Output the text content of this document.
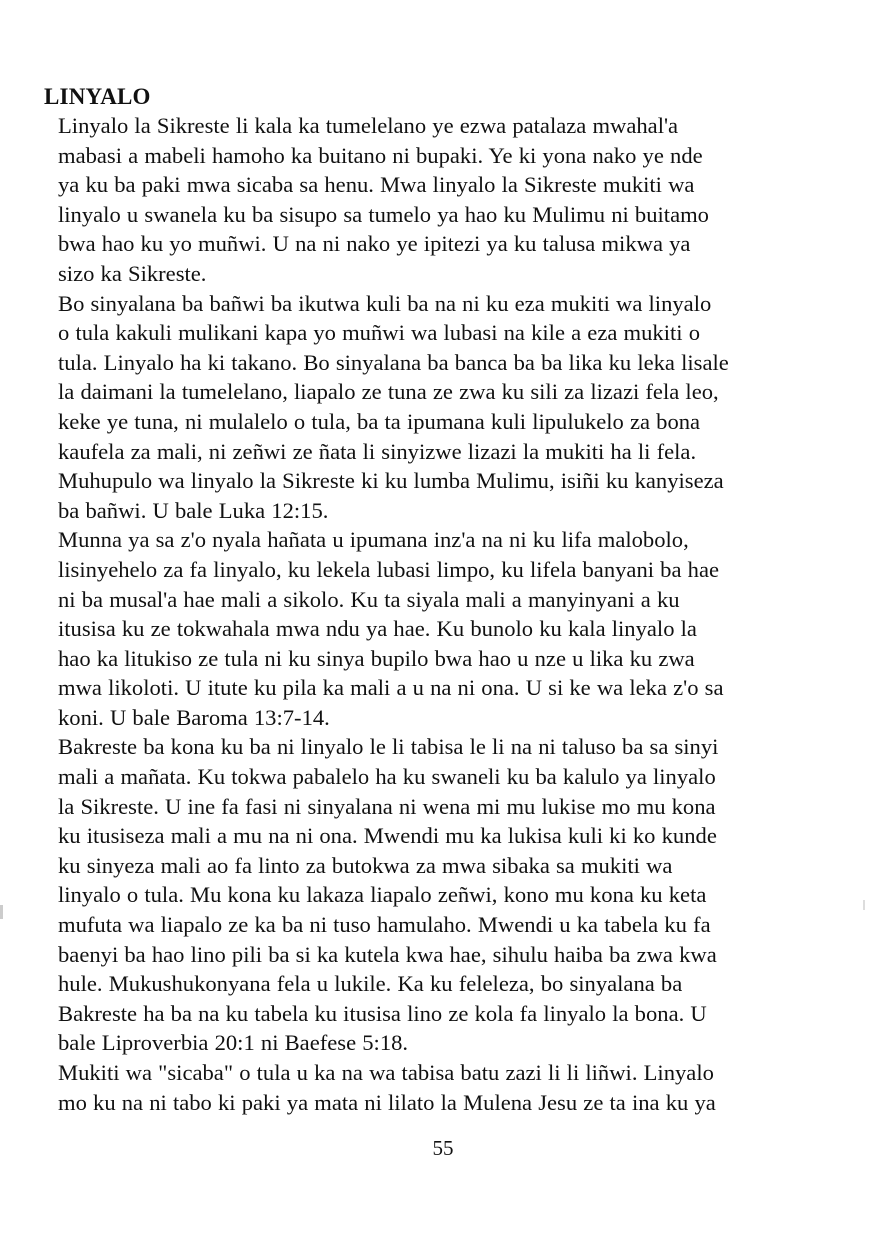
LINYALO

Linyalo la Sikreste li kala ka tumelelano ye ezwa patalaza mwahal'a
mabasi a mabeli hamoho ka buitano ni bupaki. Ye ki yona nako ye nde
ya ku ba paki mwa sicaba sa henu. Mwa linyalo la Sikreste mukiti wa
linyalo u swanela ku ba sisupo sa tumelo ya hao ku Mulimu ni buitamo
bwa hao ku yo muñwi. U na ni nako ye ipitezi ya ku talusa mikwa ya
sizo ka Sikreste.

Bo sinyalana ba bañwi ba ikutwa kuli ba na ni ku eza mukiti wa linyalo
o tula kakuli mulikani kapa yo muñwi wa lubasi na kile a eza mukiti o
tula. Linyalo ha ki takano. Bo sinyalana ba banca ba ba lika ku leka lisale
la daimani la tumelelano, liapalo ze tuna ze zwa ku sili za lizazi fela leo,
keke ye tuna, ni mulalelo o tula, ba ta ipumana kuli lipulukelo za bona
kaufela za mali, ni zeñwi ze ñata li sinyizwe lizazi la mukiti ha li fela.
Muhupulo wa linyalo la Sikreste ki ku lumba Mulimu, isiñi ku kanyiseza
ba bañwi. U bale Luka 12:15.

Munna ya sa z'o nyala hañata u ipumana inz'a na ni ku lifa malobolo,
lisinyehelo za fa linyalo, ku lekela lubasi limpo, ku lifela banyani ba hae
ni ba musal'a hae mali a sikolo. Ku ta siyala mali a manyinyani a ku
itusisa ku ze tokwahala mwa ndu ya hae. Ku bunolo ku kala linyalo la
hao ka litukiso ze tula ni ku sinya bupilo bwa hao u nze u lika ku zwa
mwa likoloti. U itute ku pila ka mali a u na ni ona. U si ke wa leka z'o sa
koni. U bale Baroma 13:7-14.

Bakreste ba kona ku ba ni linyalo le li tabisa le li na ni taluso ba sa sinyi
mali a mañata. Ku tokwa pabalelo ha ku swaneli ku ba kalulo ya linyalo
la Sikreste. U ine fa fasi ni sinyalana ni wena mi mu lukise mo mu kona
ku itusiseza mali a mu na ni ona. Mwendi mu ka lukisa kuli ki ko kunde
ku sinyeza mali ao fa linto za butokwa za mwa sibaka sa mukiti wa
linyalo o tula. Mu kona ku lakaza liapalo zeñwi, kono mu kona ku keta
mufuta wa liapalo ze ka ba ni tuso hamulaho. Mwendi u ka tabela ku fa
baenyi ba hao lino pili ba si ka kutela kwa hae, sihulu haiba ba zwa kwa
hule. Mukushukonyana fela u lukile. Ka ku feleleza, bo sinyalana ba
Bakreste ha ba na ku tabela ku itusisa lino ze kola fa linyalo la bona. U
bale Liproverbia 20:1 ni Baefese 5:18.

Mukiti wa "sicaba" o tula u ka na wa tabisa batu zazi li li liñwi. Linyalo
mo ku na ni tabo ki paki ya mata ni lilato la Mulena Jesu ze ta ina ku ya

55
